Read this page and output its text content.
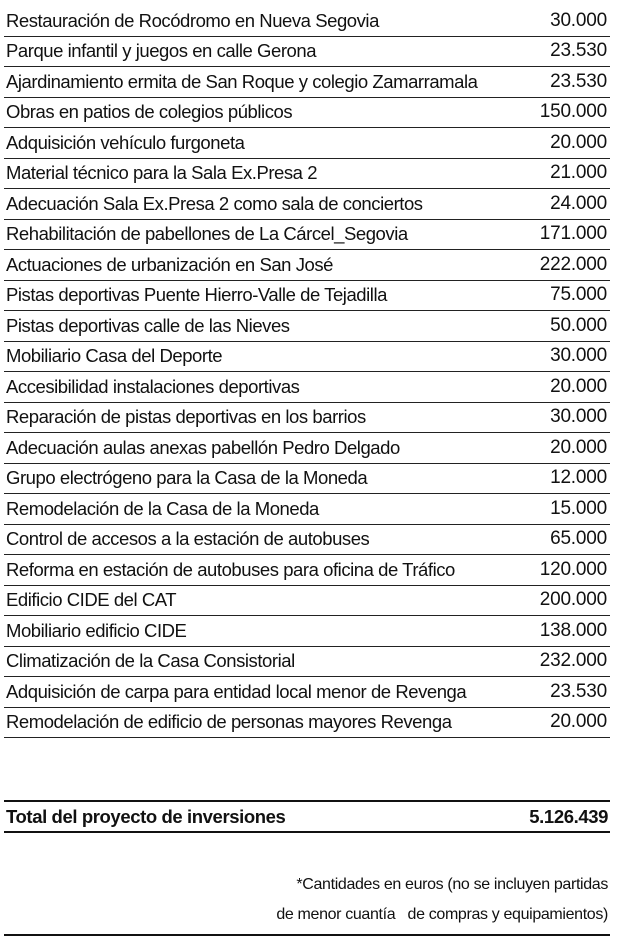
Restauración de Rocódromo en Nueva Segovia	30.000
Parque infantil y juegos en calle Gerona	23.530
Ajardinamiento ermita de San Roque y colegio Zamarramala	23.530
Obras en patios de colegios públicos	150.000
Adquisición vehículo furgoneta	20.000
Material técnico para la Sala Ex.Presa 2	21.000
Adecuación Sala Ex.Presa 2 como sala de conciertos	24.000
Rehabilitación de pabellones de La Cárcel_Segovia	171.000
Actuaciones de urbanización en San José	222.000
Pistas deportivas Puente Hierro-Valle de Tejadilla	75.000
Pistas deportivas calle de las Nieves	50.000
Mobiliario Casa del Deporte	30.000
Accesibilidad instalaciones deportivas	20.000
Reparación de pistas deportivas en los barrios	30.000
Adecuación aulas anexas pabellón Pedro Delgado	20.000
Grupo electrógeno para la Casa de la Moneda	12.000
Remodelación de la Casa de la Moneda	15.000
Control de accesos a la estación de autobuses	65.000
Reforma en estación de autobuses para oficina de Tráfico	120.000
Edificio CIDE del CAT	200.000
Mobiliario edificio CIDE	138.000
Climatización de la Casa Consistorial	232.000
Adquisición de carpa para entidad local menor de Revenga	23.530
Remodelación de edificio de personas mayores Revenga	20.000
Total del proyecto de inversiones	5.126.439
*Cantidades en euros (no se incluyen partidas
de menor cuantía   de compras y equipamientos)
